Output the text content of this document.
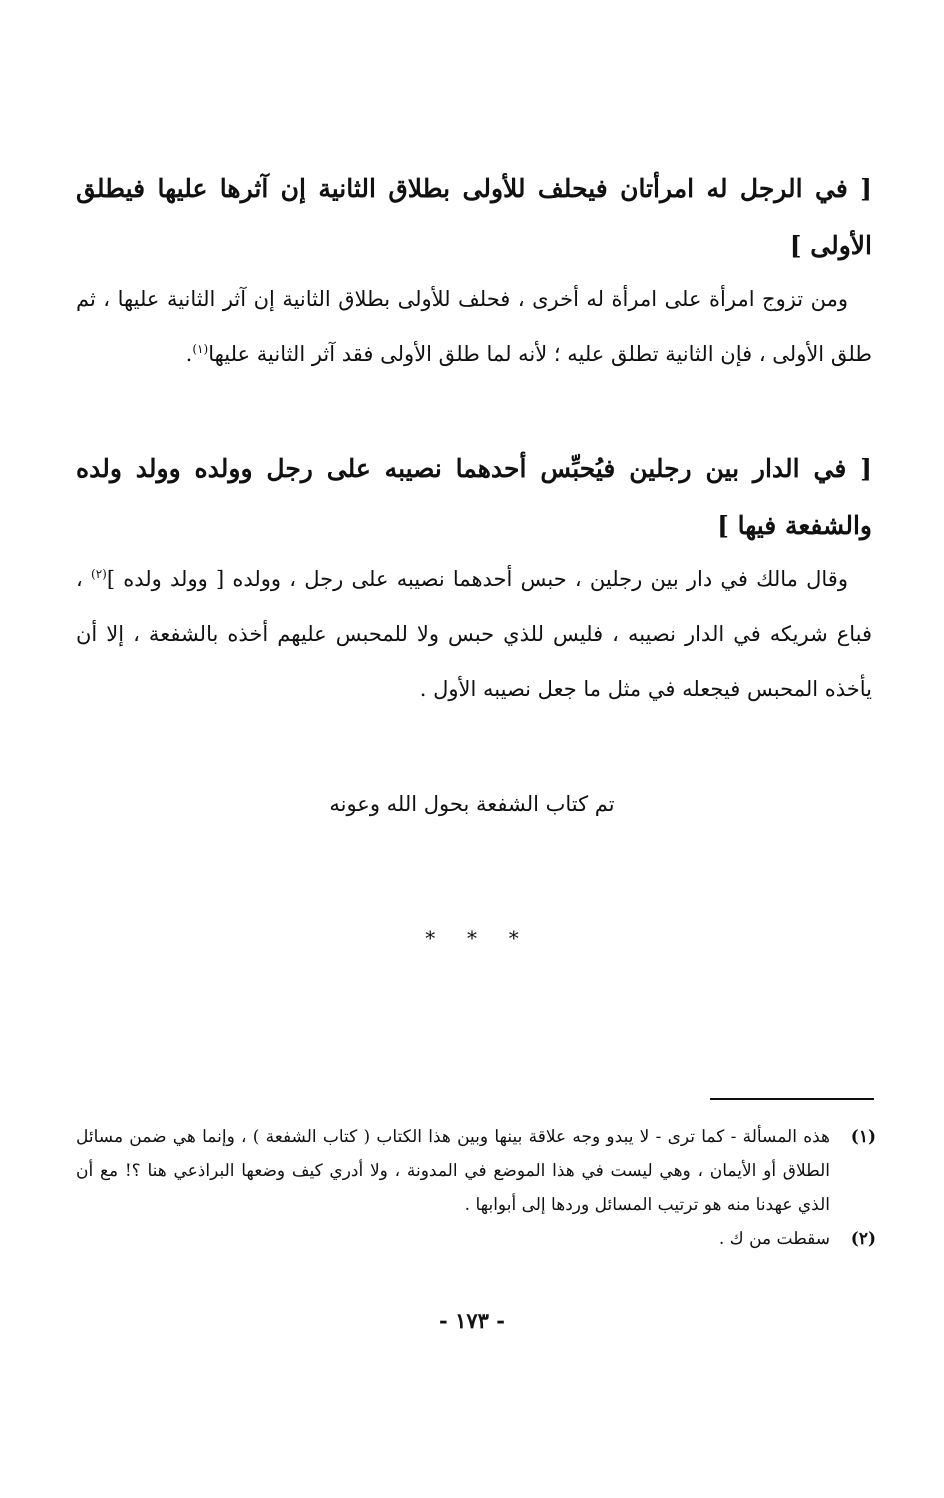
[ في الرجل له امرأتان فيحلف للأولى بطلاق الثانية إن آثرها عليها فيطلق الأولى ]
ومن تزوج امرأة على امرأة له أخرى ، فحلف للأولى بطلاق الثانية إن آثر الثانية عليها ، ثم طلق الأولى ، فإن الثانية تطلق عليه ؛ لأنه لما طلق الأولى فقد آثر الثانية عليها$^{(١)}$.
[ في الدار بين رجلين فيُحبِّس أحدهما نصيبه على رجل وولده وولد ولده والشفعة فيها ]
وقال مالك في دار بين رجلين ، حبس أحدهما نصيبه على رجل ، وولده [ وولد ولده ]$^{(٢)}$ ، فباع شريكه في الدار نصيبه ، فليس للذي حبس ولا للمحبس عليهم أخذه بالشفعة ، إلا أن يأخذه المحبس فيجعله في مثل ما جعل نصيبه الأول .
تم كتاب الشفعة بحول الله وعونه
*     *     *
(١)
هذه المسألة - كما ترى - لا يبدو وجه علاقة بينها وبين هذا الكتاب ( كتاب الشفعة ) ، وإنما هي ضمن مسائل الطلاق أو الأيمان ، وهي ليست في هذا الموضع في المدونة ، ولا أدري كيف وضعها البراذعي هنا ؟! مع أن الذي عهدنا منه هو ترتيب المسائل وردها إلى أبوابها .
(٢)
سقطت من ك .
- ١٧٣ -
